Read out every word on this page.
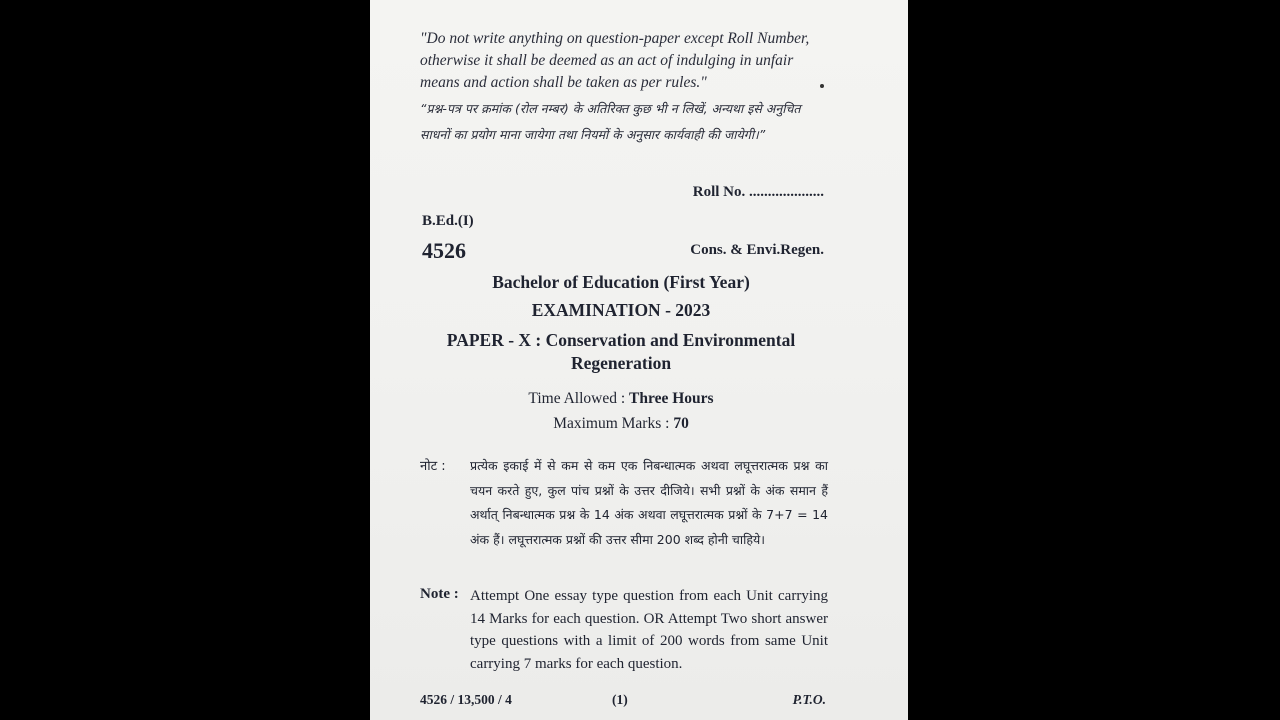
"Do not write anything on question-paper except Roll Number, otherwise it shall be deemed as an act of indulging in unfair means and action shall be taken as per rules."

“प्रश्न-पत्र पर क्रमांक (रोल नम्बर) के अतिरिक्त कुछ भी न लिखें, अन्यथा इसे अनुचित साधनों का प्रयोग माना जायेगा तथा नियमों के अनुसार कार्यवाही की जायेगी।”

Roll No. ....................
B.Ed.(I)
4526	Cons. & Envi.Regen.
Bachelor of Education (First Year)
EXAMINATION - 2023
PAPER - X : Conservation and Environmental Regeneration
Time Allowed : Three Hours
Maximum Marks : 70
नोट : प्रत्येक इकाई में से कम से कम एक निबन्धात्मक अथवा लघूत्तरात्मक प्रश्न का चयन करते हुए, कुल पांच प्रश्नों के उत्तर दीजिये। सभी प्रश्नों के अंक समान हैं अर्थात् निबन्धात्मक प्रश्न के 14 अंक अथवा लघूत्तरात्मक प्रश्नों के 7+7 = 14 अंक हैं। लघूत्तरात्मक प्रश्नों की उत्तर सीमा 200 शब्द होनी चाहिये।

Note : Attempt One essay type question from each Unit carrying 14 Marks for each question. OR Attempt Two short answer type questions with a limit of 200 words from same Unit carrying 7 marks for each question.

4526 / 13,500 / 4	(1)	P.T.O.
